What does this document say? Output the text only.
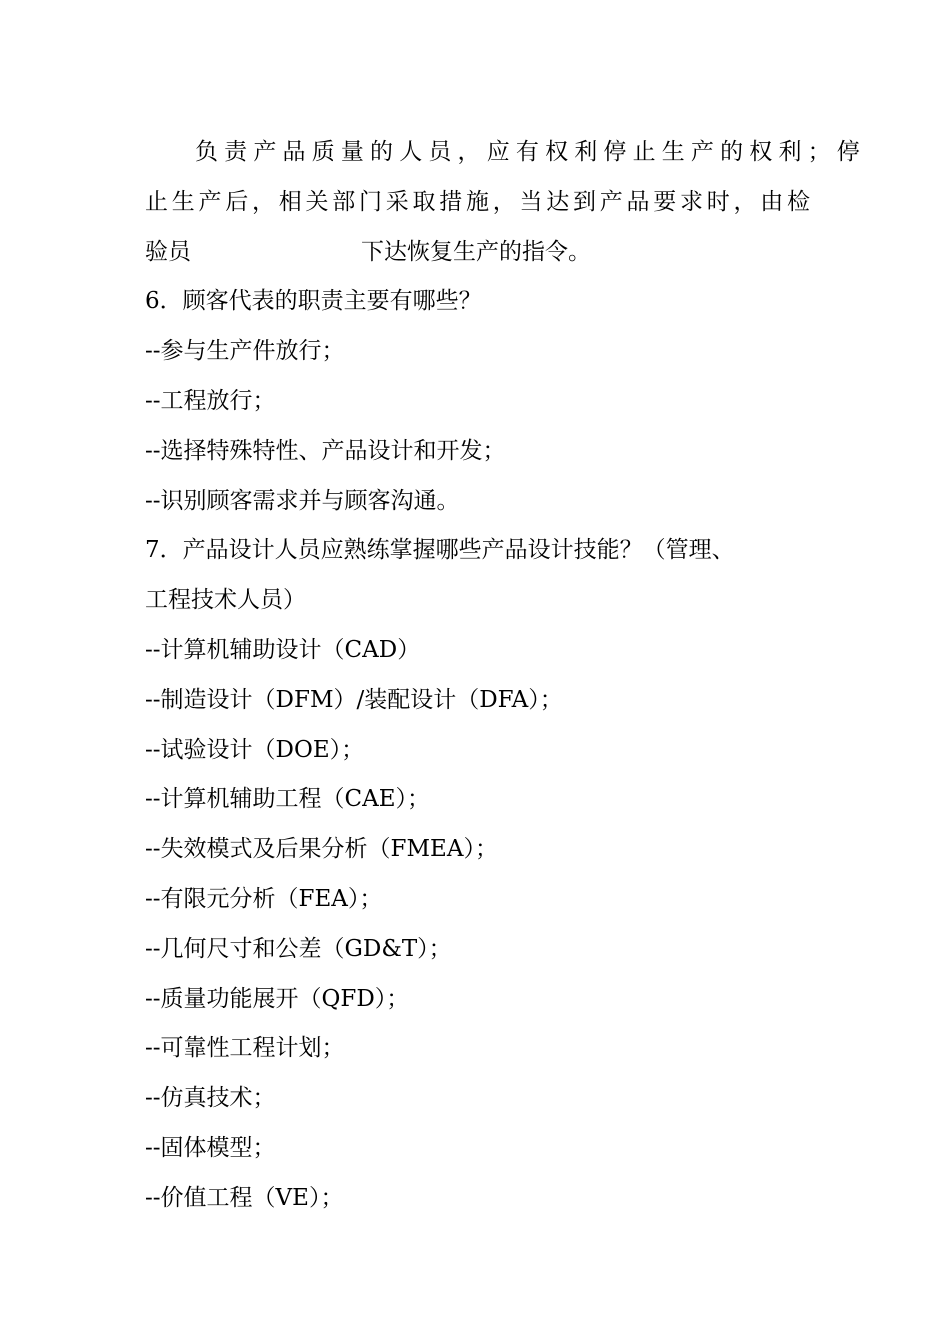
负 责 产 品 质 量 的 人 员 ， 应 有 权 利 停 止 生 产 的 权 利 ； 停
止 生 产 后 ， 相 关 部 门 采 取 措 施 ， 当 达 到 产 品 要 求 时 ， 由 检
验员	下达恢复生产的指令。
6．顾客代表的职责主要有哪些？
--参与生产件放行；
--工程放行；
--选择特殊特性、产品设计和开发；
--识别顾客需求并与顾客沟通。
7．产品设计人员应熟练掌握哪些产品设计技能？（管理、
工程技术人员）
--计算机辅助设计（CAD）
--制造设计（DFM）/装配设计（DFA）；
--试验设计（DOE）；
--计算机辅助工程（CAE）；
--失效模式及后果分析（FMEA）；
--有限元分析（FEA）；
--几何尺寸和公差（GD&T）；
--质量功能展开（QFD）；
--可靠性工程计划；
--仿真技术；
--固体模型；
--价值工程（VE）；
